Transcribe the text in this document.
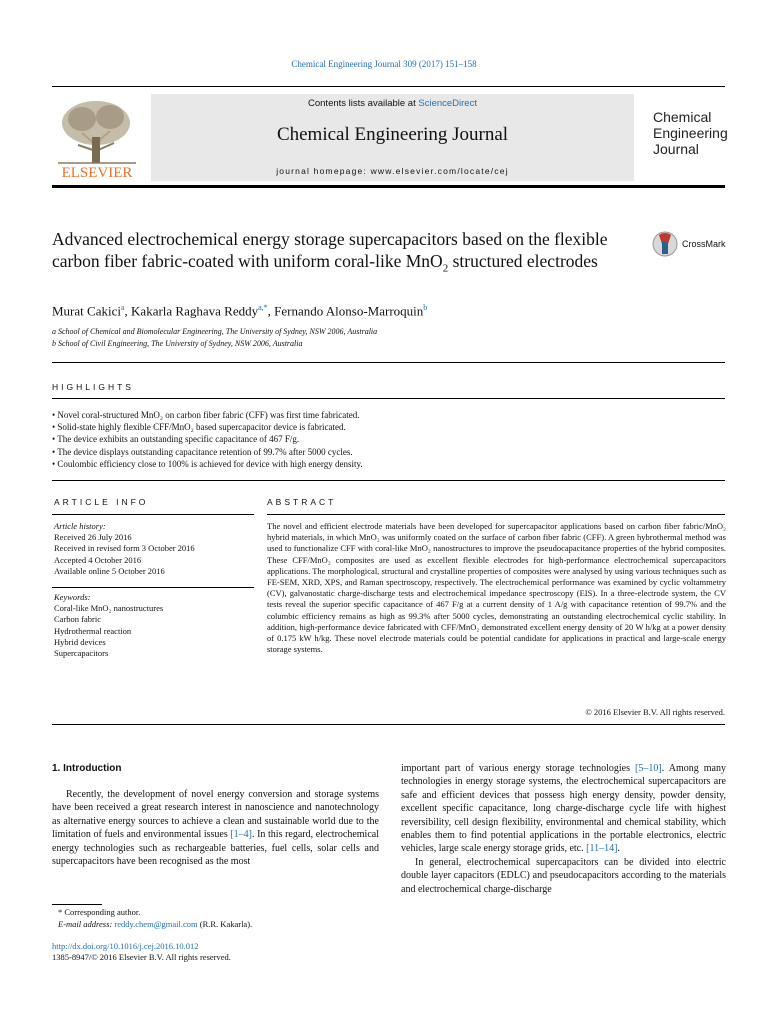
Chemical Engineering Journal 309 (2017) 151–158
ELSEVIER
Contents lists available at ScienceDirect
Chemical Engineering Journal
journal homepage: www.elsevier.com/locate/cej
Chemical
Engineering
Journal
Advanced electrochemical energy storage supercapacitors based on the flexible carbon fiber fabric-coated with uniform coral-like MnO$_2$ structured electrodes
CrossMark
Murat Cakici$^a$, Kakarla Raghava Reddy$^{a,*}$, Fernando Alonso-Marroquin$^b$
a School of Chemical and Biomolecular Engineering, The University of Sydney, NSW 2006, Australia
b School of Civil Engineering, The University of Sydney, NSW 2006, Australia
HIGHLIGHTS
• Novel coral-structured MnO₂ on carbon fiber fabric (CFF) was first time fabricated.
• Solid-state highly flexible CFF/MnO₂ based supercapacitor device is fabricated.
• The device exhibits an outstanding specific capacitance of 467 F/g.
• The device displays outstanding capacitance retention of 99.7% after 5000 cycles.
• Coulombic efficiency close to 100% is achieved for device with high energy density.
ARTICLE INFO
Article history:
Received 26 July 2016
Received in revised form 3 October 2016
Accepted 4 October 2016
Available online 5 October 2016
Keywords:
Coral-like MnO₂ nanostructures
Carbon fabric
Hydrothermal reaction
Hybrid devices
Supercapacitors
ABSTRACT
The novel and efficient electrode materials have been developed for supercapacitor applications based on carbon fiber fabric/MnO₂ hybrid materials, in which MnO₂ was uniformly coated on the surface of carbon fiber fabric (CFF). A green hybrothermal method was used to functionalize CFF with coral-like MnO₂ nanostructures to improve the pseudocapacitance properties of the hybrid composites. These CFF/MnO₂ composites are used as excellent flexible electrodes for high-performance electrochemical supercapacitors applications. The morphological, structural and crystalline properties of composites were analysed by using various techniques such as FE-SEM, XRD, XPS, and Raman spectroscopy, respectively. The electrochemical performance was examined by cyclic voltammetry (CV), galvanostatic charge-discharge tests and electrochemical impedance spectroscopy (EIS). In a three-electrode system, the CV tests reveal the superior specific capacitance of 467 F/g at a current density of 1 A/g with capacitance retention of 99.7% and the columbic efficiency remains as high as 99.3% after 5000 cycles, demonstrating an outstanding electrochemical cyclic stability. In addition, high-performance device fabricated with CFF/MnO₂ demonstrated excellent energy density of 20 W h/kg at a power density of 0.175 kW h/kg. These novel electrode materials could be potential candidate for applications in practical and large-scale energy storage systems.
© 2016 Elsevier B.V. All rights reserved.
1. Introduction
Recently, the development of novel energy conversion and storage systems have been received a great research interest in nanoscience and nanotechnology as alternative energy sources to achieve a clean and sustainable world due to the limitation of fuels and environmental issues [1–4]. In this regard, electrochemical energy technologies such as rechargeable batteries, fuel cells, solar cells and supercapacitors have been recognised as the most
important part of various energy storage technologies [5–10]. Among many technologies in energy storage systems, the electrochemical supercapacitors are safe and efficient devices that possess high energy density, powder density, excellent specific capacitance, long charge-discharge cycle life with highest reversibility, cell design flexibility, environmental and chemical stability, which enables them to find potential applications in the portable electronics, electric vehicles, large scale energy storage grids, etc. [11–14].
In general, electrochemical supercapacitors can be divided into electric double layer capacitors (EDLC) and pseudocapacitors according to the materials and electrochemical charge-discharge
* Corresponding author.
E-mail address: reddy.chem@gmail.com (R.R. Kakarla).
http://dx.doi.org/10.1016/j.cej.2016.10.012
1385-8947/© 2016 Elsevier B.V. All rights reserved.
